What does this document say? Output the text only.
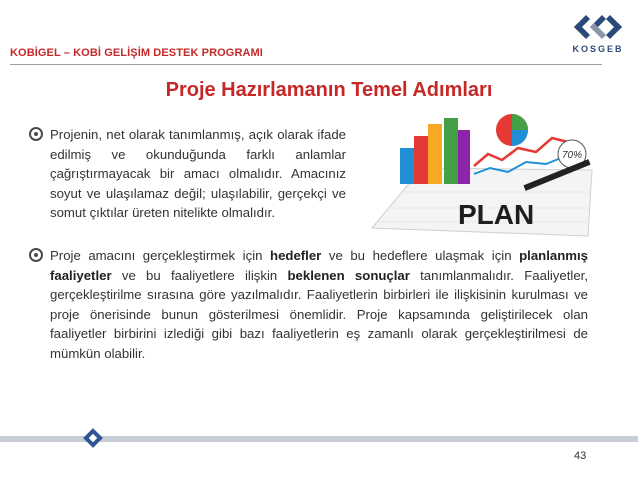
KOBİGEL – KOBİ GELİŞİM DESTEK PROGRAMI	KOSGEB
Proje Hazırlamanın Temel Adımları
Projenin, net olarak tanımlanmış, açık olarak ifade edilmiş ve okunduğunda farklı anlamlar çağrıştırmayacak bir amacı olmalıdır. Amacınız soyut ve ulaşılamaz değil; ulaşılabilir, gerçekçi ve somut çıktılar üreten nitelikte olmalıdır.
70%
PLAN
Proje amacını gerçekleştirmek için hedefler ve bu hedeflere ulaşmak için planlanmış faaliyetler ve bu faaliyetlere ilişkin beklenen sonuçlar tanımlanmalıdır. Faaliyetler, gerçekleştirilme sırasına göre yazılmalıdır. Faaliyetlerin birbirleri ile ilişkisinin kurulması ve proje önerisinde bunun gösterilmesi önemlidir. Proje kapsamında geliştirilecek olan faaliyetler birbirini izlediği gibi bazı faaliyetlerin eş zamanlı olarak gerçekleştirilmesi de mümkün olabilir.
43
